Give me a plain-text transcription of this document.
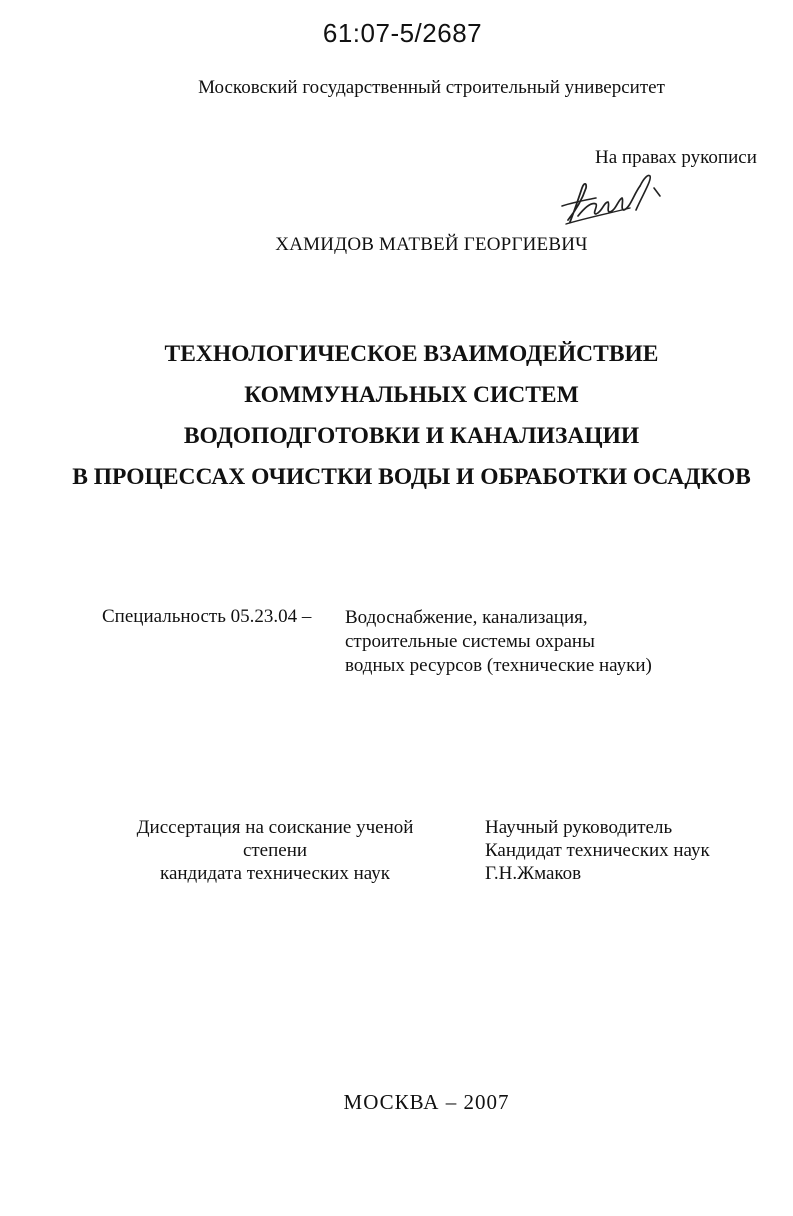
61:07-5/2687
Московский государственный строительный университет
На правах рукописи
ХАМИДОВ МАТВЕЙ ГЕОРГИЕВИЧ
ТЕХНОЛОГИЧЕСКОЕ ВЗАИМОДЕЙСТВИЕ
КОММУНАЛЬНЫХ СИСТЕМ
ВОДОПОДГОТОВКИ И КАНАЛИЗАЦИИ
В ПРОЦЕССАХ ОЧИСТКИ ВОДЫ И ОБРАБОТКИ ОСАДКОВ
Специальность 05.23.04 – Водоснабжение, канализация,
строительные системы охраны
водных ресурсов (технические науки)
Диссертация на соискание ученой
степени
кандидата технических наук
Научный руководитель
Кандидат технических наук
Г.Н.Жмаков
МОСКВА – 2007
